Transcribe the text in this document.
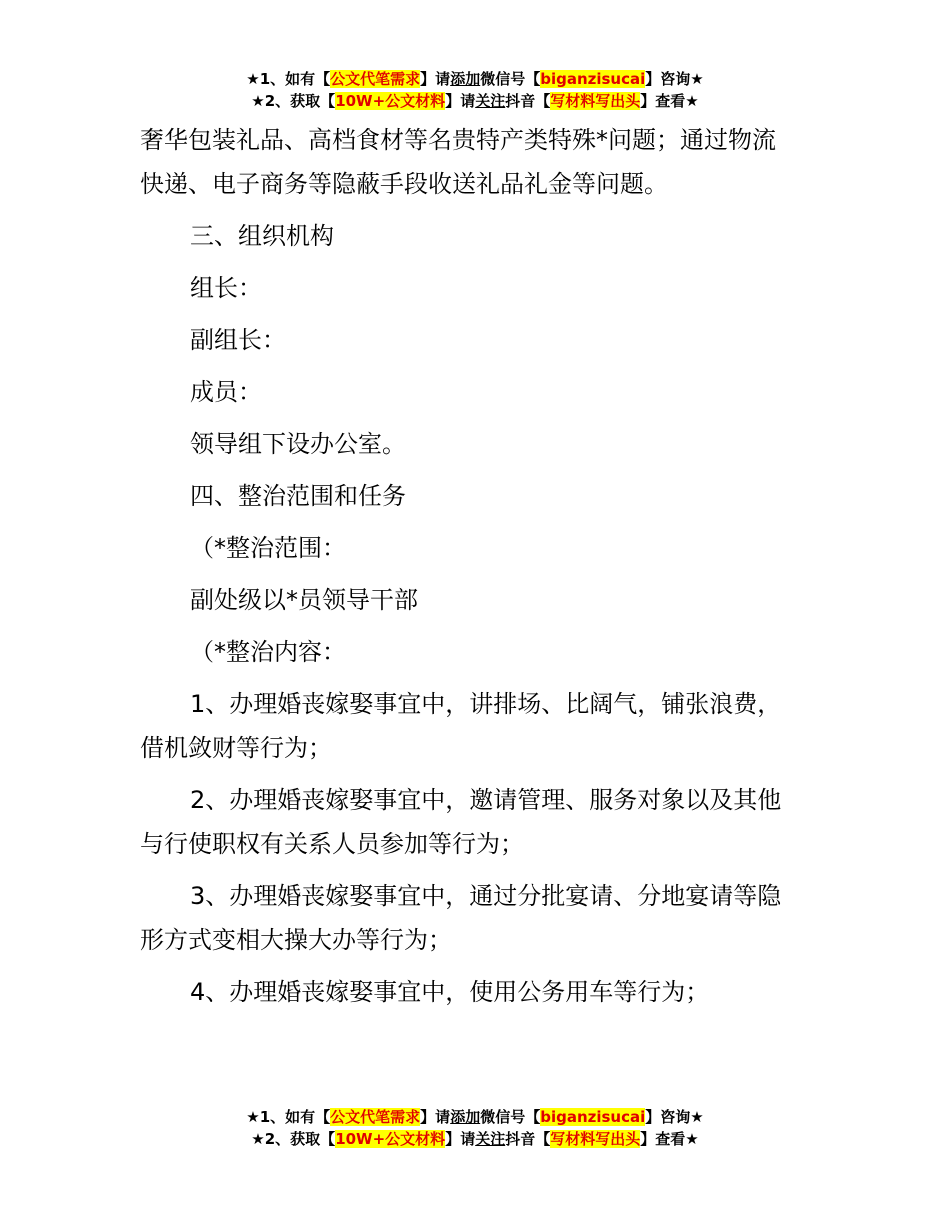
★1、如有【公文代笔需求】请添加微信号【biganzisucai】咨询★
★2、获取【10W+公文材料】请关注抖音【写材料写出头】查看★

奢华包装礼品、高档食材等名贵特产类特殊*问题；通过物流

快递、电子商务等隐蔽手段收送礼品礼金等问题。

三、组织机构

组长：

副组长：

成员：

领导组下设办公室。

四、整治范围和任务

（*整治范围：

副处级以*员领导干部

（*整治内容：

1、办理婚丧嫁娶事宜中，讲排场、比阔气，铺张浪费，

借机敛财等行为；

2、办理婚丧嫁娶事宜中，邀请管理、服务对象以及其他

与行使职权有关系人员参加等行为；

3、办理婚丧嫁娶事宜中，通过分批宴请、分地宴请等隐

形方式变相大操大办等行为；

4、办理婚丧嫁娶事宜中，使用公务用车等行为；

★1、如有【公文代笔需求】请添加微信号【biganzisucai】咨询★
★2、获取【10W+公文材料】请关注抖音【写材料写出头】查看★
